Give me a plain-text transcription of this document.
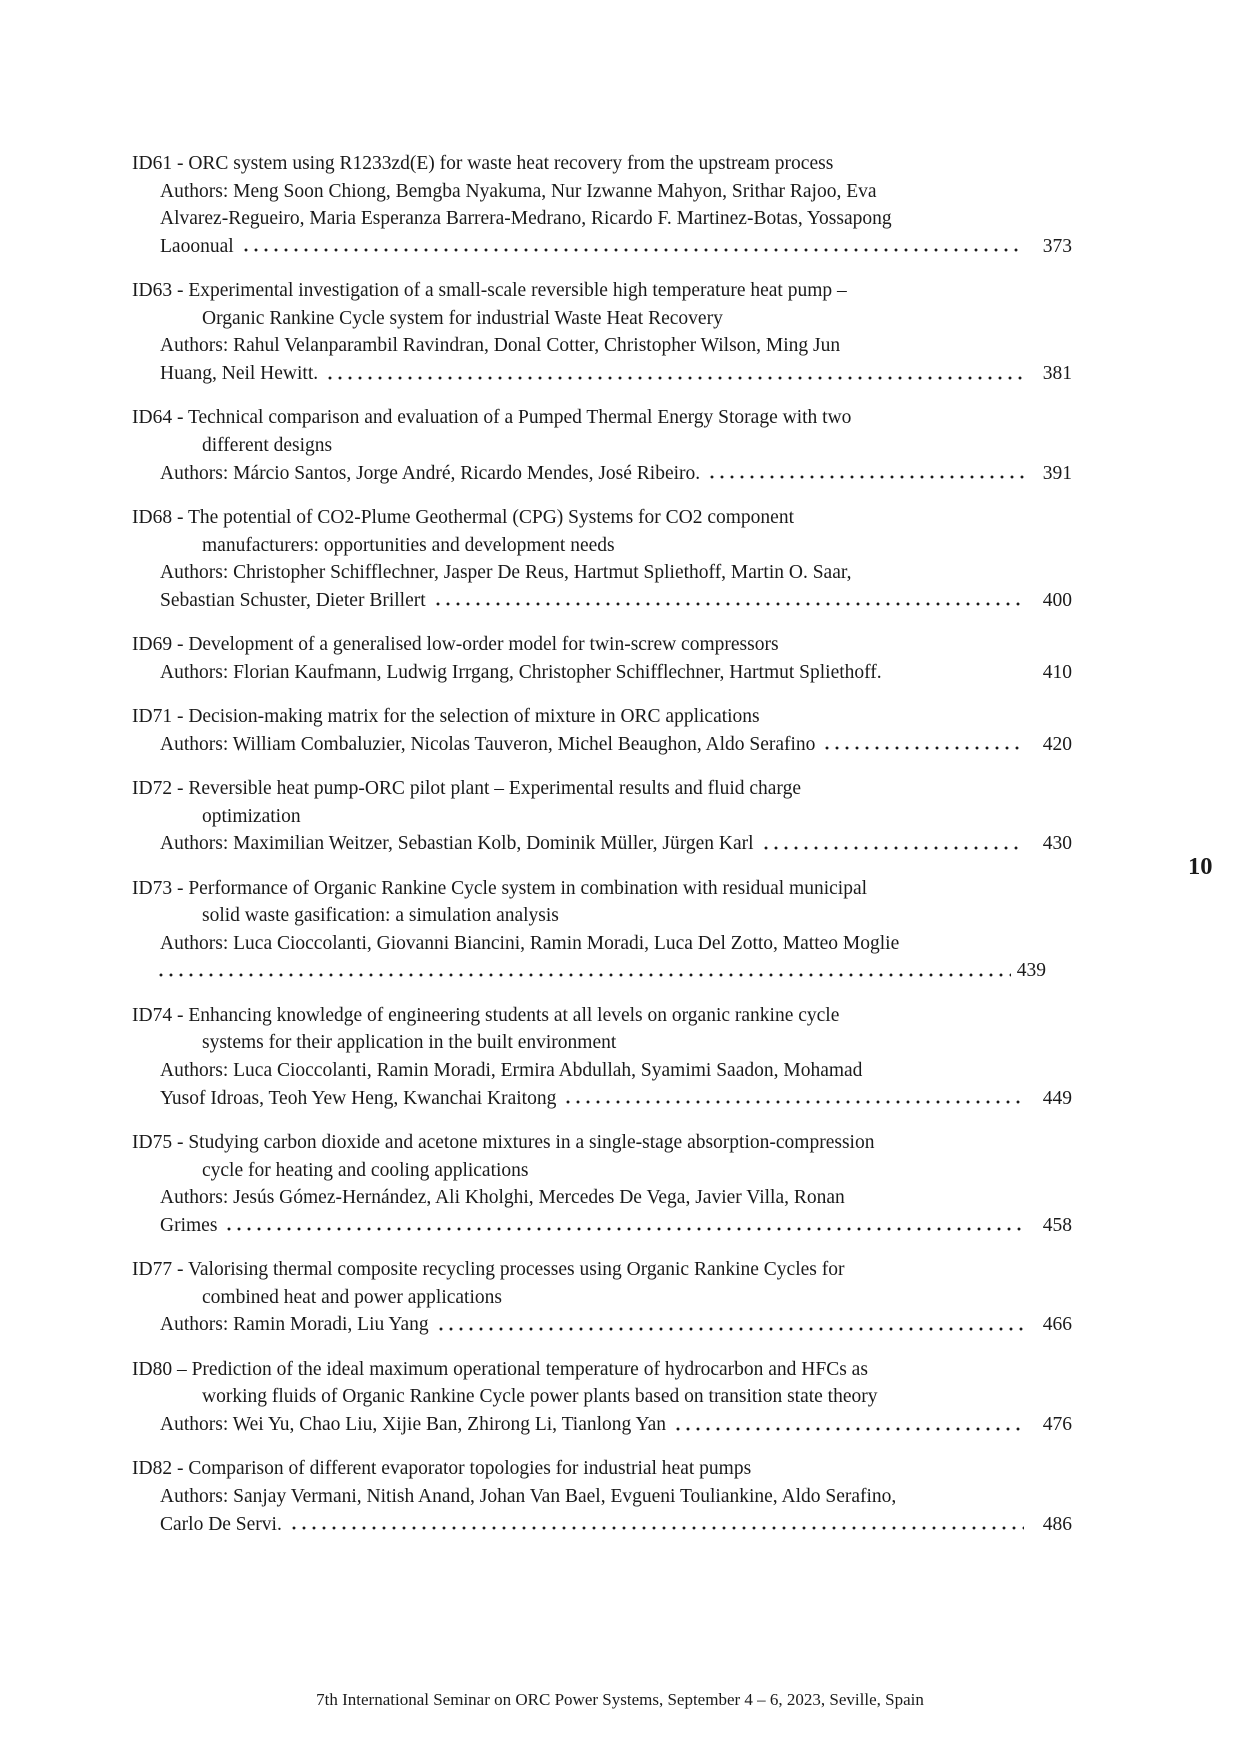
10
ID61 - ORC system using R1233zd(E) for waste heat recovery from the upstream process
Authors: Meng Soon Chiong, Bemgba Nyakuma, Nur Izwanne Mahyon, Srithar Rajoo, Eva
Alvarez-Regueiro, Maria Esperanza Barrera-Medrano, Ricardo F. Martinez-Botas, Yossapong
Laoonual	373
ID63 - Experimental investigation of a small-scale reversible high temperature heat pump –
Organic Rankine Cycle system for industrial Waste Heat Recovery
Authors: Rahul Velanparambil Ravindran, Donal Cotter, Christopher Wilson, Ming Jun
Huang, Neil Hewitt.	381
ID64 - Technical comparison and evaluation of a Pumped Thermal Energy Storage with two
different designs
Authors: Márcio Santos, Jorge André, Ricardo Mendes, José Ribeiro.	391
ID68 - The potential of CO2-Plume Geothermal (CPG) Systems for CO2 component
manufacturers: opportunities and development needs
Authors: Christopher Schifflechner, Jasper De Reus, Hartmut Spliethoff, Martin O. Saar,
Sebastian Schuster, Dieter Brillert	400
ID69 - Development of a generalised low-order model for twin-screw compressors
Authors: Florian Kaufmann, Ludwig Irrgang, Christopher Schifflechner, Hartmut Spliethoff.	410
ID71 - Decision-making matrix for the selection of mixture in ORC applications
Authors: William Combaluzier, Nicolas Tauveron, Michel Beaughon, Aldo Serafino	420
ID72 - Reversible heat pump-ORC pilot plant – Experimental results and fluid charge
optimization
Authors: Maximilian Weitzer, Sebastian Kolb, Dominik Müller, Jürgen Karl	430
ID73 - Performance of Organic Rankine Cycle system in combination with residual municipal
solid waste gasification: a simulation analysis
Authors: Luca Cioccolanti, Giovanni Biancini, Ramin Moradi, Luca Del Zotto, Matteo Moglie
439
ID74 - Enhancing knowledge of engineering students at all levels on organic rankine cycle
systems for their application in the built environment
Authors: Luca Cioccolanti, Ramin Moradi, Ermira Abdullah, Syamimi Saadon, Mohamad
Yusof Idroas, Teoh Yew Heng, Kwanchai Kraitong	449
ID75 - Studying carbon dioxide and acetone mixtures in a single-stage absorption-compression
cycle for heating and cooling applications
Authors: Jesús Gómez-Hernández, Ali Kholghi, Mercedes De Vega, Javier Villa, Ronan
Grimes	458
ID77 - Valorising thermal composite recycling processes using Organic Rankine Cycles for
combined heat and power applications
Authors: Ramin Moradi, Liu Yang	466
ID80 – Prediction of the ideal maximum operational temperature of hydrocarbon and HFCs as
working fluids of Organic Rankine Cycle power plants based on transition state theory
Authors: Wei Yu, Chao Liu, Xijie Ban, Zhirong Li, Tianlong Yan	476
ID82 - Comparison of different evaporator topologies for industrial heat pumps
Authors: Sanjay Vermani, Nitish Anand, Johan Van Bael, Evgueni Touliankine, Aldo Serafino,
Carlo De Servi.	486
7th International Seminar on ORC Power Systems, September 4 – 6, 2023, Seville, Spain
